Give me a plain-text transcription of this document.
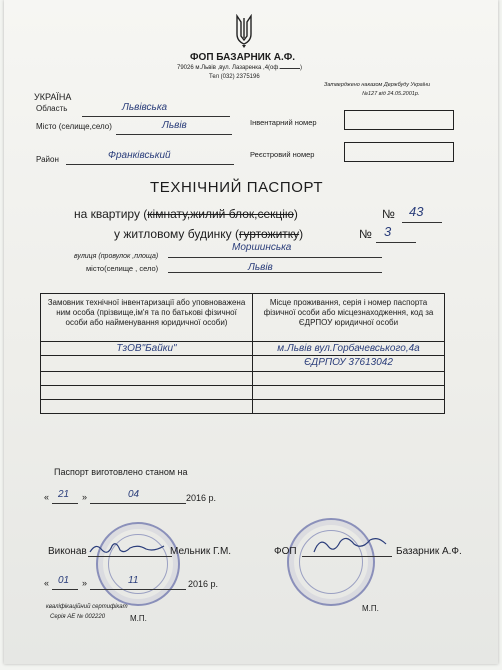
ФОП БАЗАРНИК А.Ф.
79026 м.Львів ,вул. Лазаренка ,4(оф.	)
Тел (032) 2375196
Затверджено наказом Держбуду України
№127 від 24.05.2001р.
УКРАЇНА
Область	Львівська
Місто (селище,село)	Львів
Район	Франківський
Інвентарний номер
Реєстровий номер
ТЕХНІЧНИЙ ПАСПОРТ
на квартиру (кімнату,жилий блок,секцію)	№ 43
у житловому будинку (гуртожитку)	№ 3
Моршинська
вулиця (провулок ,площа)
місто(селище , село)	Львів
Замовник технічної інвентаризації або уповноважена ним особа (прізвище,ім'я та по батькові фізичної особи або найменування юридичної особи)	Місце проживання, серія і номер паспорта фізичної особи або місцезнаходження, код за ЄДРПОУ юридичної особи
ТзОВ"Байки"	м.Львів вул.Горбачевського,4а
	ЄДРПОУ 37613042

Паспорт виготовлено станом на
« 21 »	04	2016 р.
Виконав	Мельник Г.М.	ФОП	Базарник А.Ф.
« 01 »	11	2016 р.
кваліфікаційний сертифікат
Серія АЕ № 002220	М.П.
М.П.
